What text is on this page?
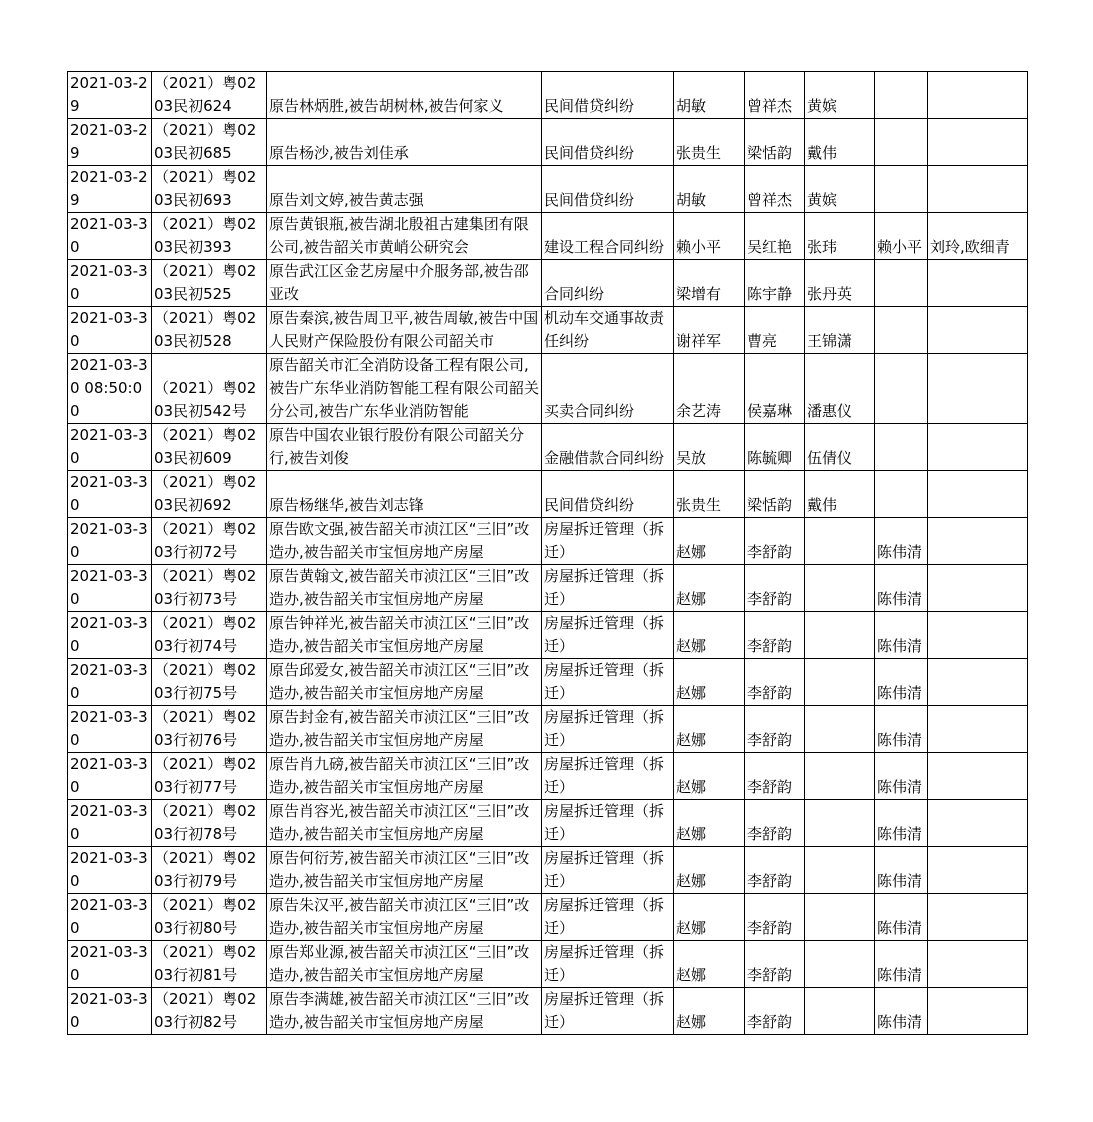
2021-03-29	（2021）粤0203民初624	原告林炳胜,被告胡树林,被告何家义	民间借贷纠纷	胡敏	曾祥杰	黄嫔		

2021-03-29	（2021）粤0203民初685	原告杨沙,被告刘佳承	民间借贷纠纷	张贵生	梁恬韵	戴伟		

2021-03-29	（2021）粤0203民初693	原告刘文婷,被告黄志强	民间借贷纠纷	胡敏	曾祥杰	黄嫔		

2021-03-30	（2021）粤0203民初393	原告黄银瓶,被告湖北殷祖古建集团有限公司,被告韶关市黄峭公研究会	建设工程合同纠纷	赖小平	吴红艳	张玮	赖小平	刘玲,欧细青

2021-03-30	（2021）粤0203民初525	原告武江区金艺房屋中介服务部,被告邵亚改	合同纠纷	梁增有	陈宇静	张丹英		

2021-03-30	（2021）粤0203民初528	原告秦滨,被告周卫平,被告周敏,被告中国人民财产保险股份有限公司韶关市	机动车交通事故责任纠纷	谢祥军	曹亮	王锦潇		

2021-03-30 08:50:00	（2021）粤0203民初542号	原告韶关市汇全消防设备工程有限公司,被告广东华业消防智能工程有限公司韶关分公司,被告广东华业消防智能	买卖合同纠纷	余艺涛	侯嘉琳	潘惠仪		

2021-03-30	（2021）粤0203民初609	原告中国农业银行股份有限公司韶关分行,被告刘俊	金融借款合同纠纷	吴放	陈毓卿	伍倩仪		

2021-03-30	（2021）粤0203民初692	原告杨继华,被告刘志锋	民间借贷纠纷	张贵生	梁恬韵	戴伟		

2021-03-30	（2021）粤0203行初72号	原告欧文强,被告韶关市浈江区“三旧”改造办,被告韶关市宝恒房地产房屋	房屋拆迁管理（拆迁）	赵娜	李舒韵		陈伟清	

2021-03-30	（2021）粤0203行初73号	原告黄翰文,被告韶关市浈江区“三旧”改造办,被告韶关市宝恒房地产房屋	房屋拆迁管理（拆迁）	赵娜	李舒韵		陈伟清	

2021-03-30	（2021）粤0203行初74号	原告钟祥光,被告韶关市浈江区“三旧”改造办,被告韶关市宝恒房地产房屋	房屋拆迁管理（拆迁）	赵娜	李舒韵		陈伟清	

2021-03-30	（2021）粤0203行初75号	原告邱爱女,被告韶关市浈江区“三旧”改造办,被告韶关市宝恒房地产房屋	房屋拆迁管理（拆迁）	赵娜	李舒韵		陈伟清	

2021-03-30	（2021）粤0203行初76号	原告封金有,被告韶关市浈江区“三旧”改造办,被告韶关市宝恒房地产房屋	房屋拆迁管理（拆迁）	赵娜	李舒韵		陈伟清	

2021-03-30	（2021）粤0203行初77号	原告肖九磅,被告韶关市浈江区“三旧”改造办,被告韶关市宝恒房地产房屋	房屋拆迁管理（拆迁）	赵娜	李舒韵		陈伟清	

2021-03-30	（2021）粤0203行初78号	原告肖容光,被告韶关市浈江区“三旧”改造办,被告韶关市宝恒房地产房屋	房屋拆迁管理（拆迁）	赵娜	李舒韵		陈伟清	

2021-03-30	（2021）粤0203行初79号	原告何衍芳,被告韶关市浈江区“三旧”改造办,被告韶关市宝恒房地产房屋	房屋拆迁管理（拆迁）	赵娜	李舒韵		陈伟清	

2021-03-30	（2021）粤0203行初80号	原告朱汉平,被告韶关市浈江区“三旧”改造办,被告韶关市宝恒房地产房屋	房屋拆迁管理（拆迁）	赵娜	李舒韵		陈伟清	

2021-03-30	（2021）粤0203行初81号	原告郑业源,被告韶关市浈江区“三旧”改造办,被告韶关市宝恒房地产房屋	房屋拆迁管理（拆迁）	赵娜	李舒韵		陈伟清	

2021-03-30	（2021）粤0203行初82号	原告李满雄,被告韶关市浈江区“三旧”改造办,被告韶关市宝恒房地产房屋	房屋拆迁管理（拆迁）	赵娜	李舒韵		陈伟清	
